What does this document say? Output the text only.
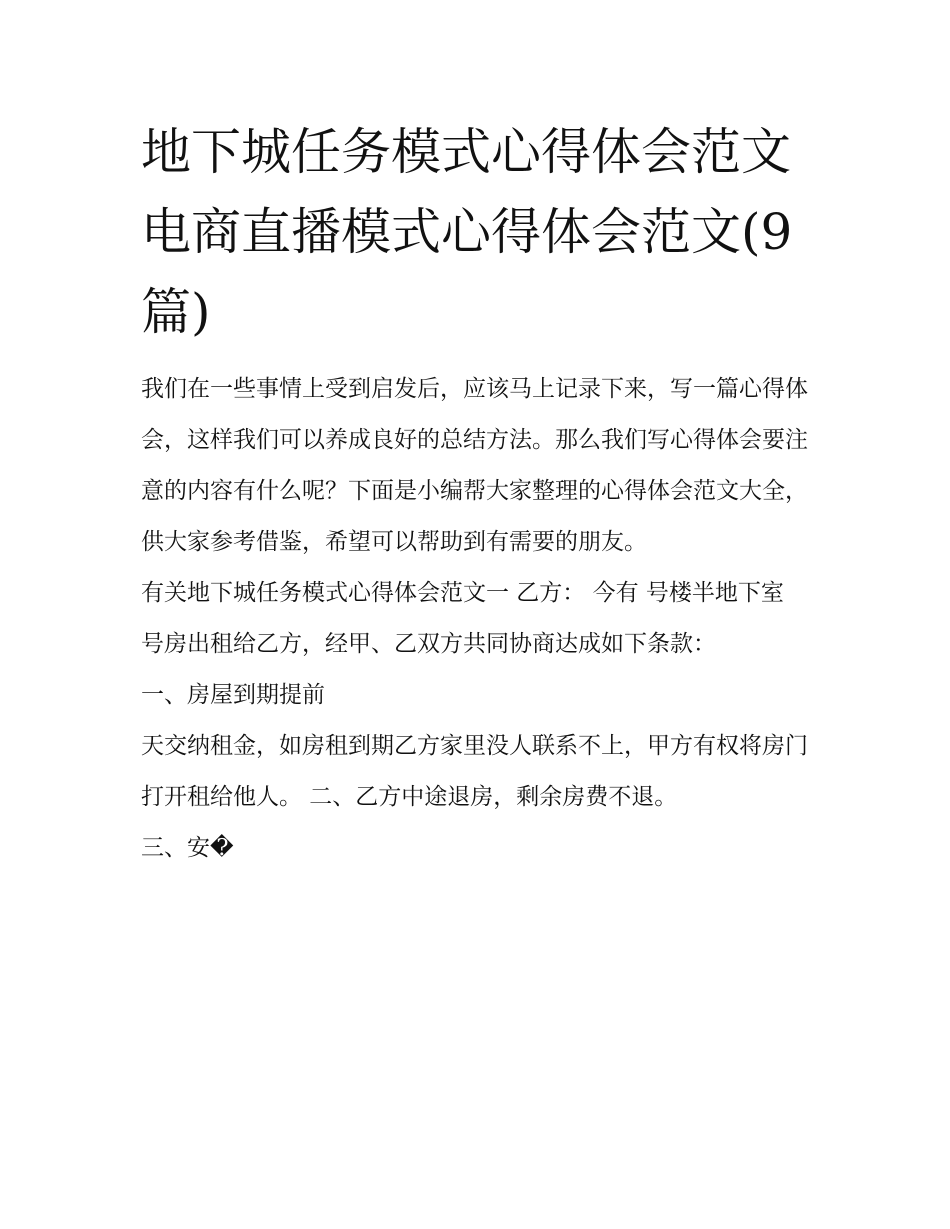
地下城任务模式心得体会范文电商直播模式心得体会范文(9篇)

我们在一些事情上受到启发后，应该马上记录下来，写一篇心得体会，这样我们可以养成良好的总结方法。那么我们写心得体会要注意的内容有什么呢？下面是小编帮大家整理的心得体会范文大全，供大家参考借鉴，希望可以帮助到有需要的朋友。

有关地下城任务模式心得体会范文一 乙方： 今有 号楼半地下室 号房出租给乙方，经甲、乙双方共同协商达成如下条款：

一、房屋到期提前

天交纳租金，如房租到期乙方家里没人联系不上，甲方有权将房门打开租给他人。 二、乙方中途退房，剩余房费不退。

三、安�
